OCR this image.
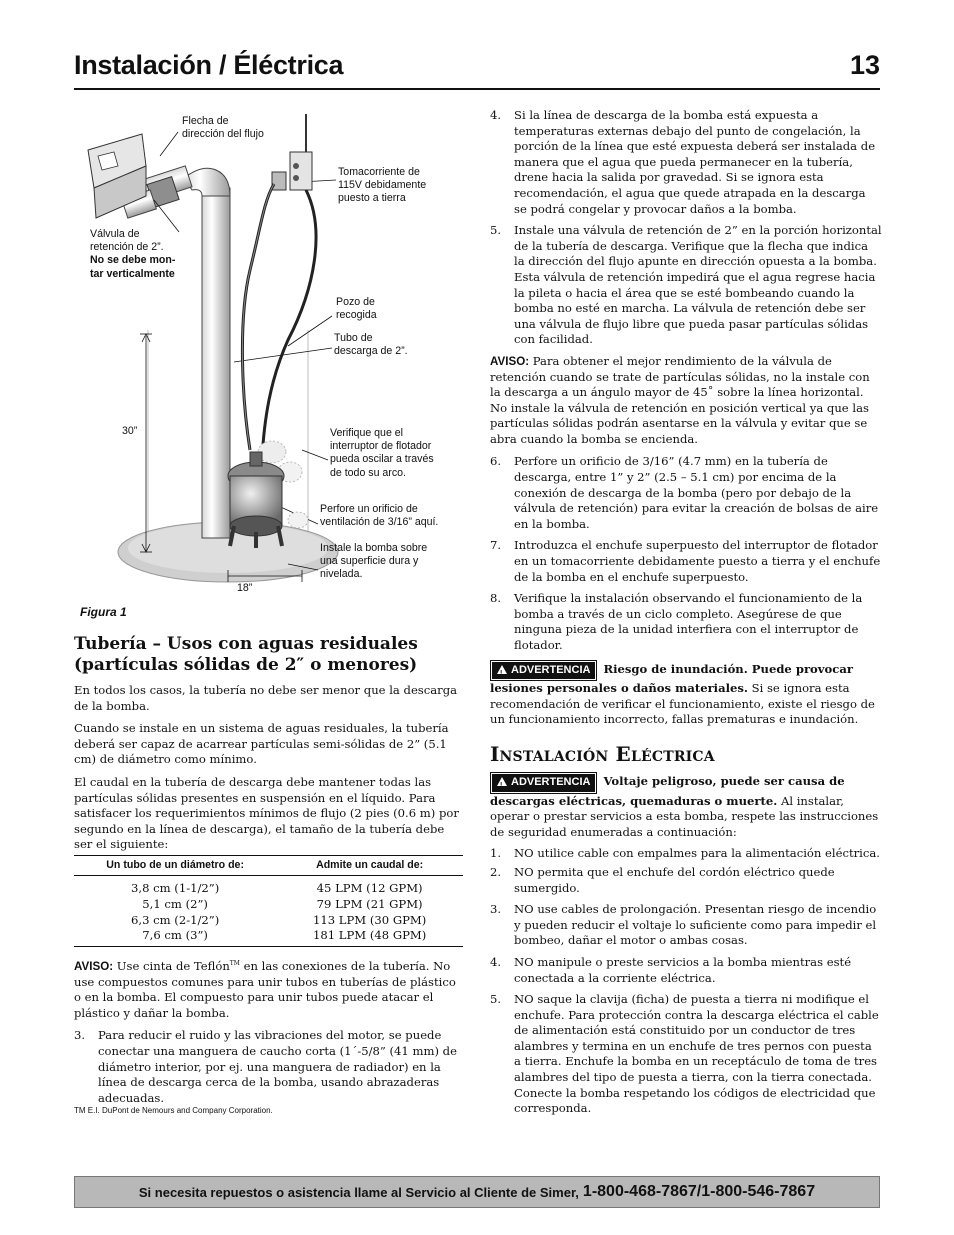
Instalación / Éléctrica	13
Flecha de
dirección del flujo
Tomacorriente de
115V debidamente
puesto a tierra
Válvula de
retención de 2”.
No se debe mon-
tar verticalmente
Pozo de
recogida
Tubo de
descarga de 2”.
30”	Verifique que el
interruptor de flotador
pueda oscilar a través
de todo su arco.
Perfore un orificio de
ventilación de 3/16” aquí.
Instale la bomba sobre
una superficie dura y
nivelada.
18”
Figura 1
Tubería – Usos con aguas residuales (partículas sólidas de 2″ o menores)

En todos los casos, la tubería no debe ser menor que la descarga de la bomba.

Cuando se instale en un sistema de aguas residuales, la tubería deberá ser capaz de acarrear partículas semi-sólidas de 2” (5.1 cm) de diámetro como mínimo.

El caudal en la tubería de descarga debe mantener todas las partículas sólidas presentes en suspensión en el líquido. Para satisfacer los requerimientos mínimos de flujo (2 pies (0.6 m) por segundo en la línea de descarga), el tamaño de la tubería debe ser el siguiente:

Un tubo de un diámetro de:	Admite un caudal de:
3,8 cm (1-1/2”)	45 LPM (12 GPM)
5,1 cm (2”)	79 LPM (21 GPM)
6,3 cm (2-1/2”)	113 LPM (30 GPM)
7,6 cm (3”)	181 LPM (48 GPM)

AVISO: Use cinta de Teflón™ en las conexiones de la tubería. No use compuestos comunes para unir tubos en tuberías de plástico o en la bomba. El compuesto para unir tubos puede atacar el plástico y dañar la bomba.

3. Para reducir el ruido y las vibraciones del motor, se puede conectar una manguera de caucho corta (1´-5/8” (41 mm) de diámetro interior, por ej. una manguera de radiador) en la línea de descarga cerca de la bomba, usando abrazaderas adecuadas.
TM E.I. DuPont de Nemours and Company Corporation.
4. Si la línea de descarga de la bomba está expuesta a temperaturas externas debajo del punto de congelación, la porción de la línea que esté expuesta deberá ser instalada de manera que el agua que pueda permanecer en la tubería, drene hacia la salida por gravedad. Si se ignora esta recomendación, el agua que quede atrapada en la descarga se podrá congelar y provocar daños a la bomba.
5. Instale una válvula de retención de 2” en la porción horizontal de la tubería de descarga. Verifique que la flecha que indica la dirección del flujo apunte en dirección opuesta a la bomba. Esta válvula de retención impedirá que el agua regrese hacia la pileta o hacia el área que se esté bombeando cuando la bomba no esté en marcha. La válvula de retención debe ser una válvula de flujo libre que pueda pasar partículas sólidas con facilidad.

AVISO: Para obtener el mejor rendimiento de la válvula de retención cuando se trate de partículas sólidas, no la instale con la descarga a un ángulo mayor de 45˚ sobre la línea horizontal. No instale la válvula de retención en posición vertical ya que las partículas sólidas podrán asentarse en la válvula y evitar que se abra cuando la bomba se encienda.

6. Perfore un orificio de 3/16” (4.7 mm) en la tubería de descarga, entre 1” y 2” (2.5 – 5.1 cm) por encima de la conexión de descarga de la bomba (pero por debajo de la válvula de retención) para evitar la creación de bolsas de aire en la bomba.
7. Introduzca el enchufe superpuesto del interruptor de flotador en un tomacorriente debidamente puesto a tierra y el enchufe de la bomba en el enchufe superpuesto.
8. Verifique la instalación observando el funcionamiento de la bomba a través de un ciclo completo. Asegúrese de que ninguna pieza de la unidad interfiera con el interruptor de flotador.

! ADVERTENCIA Riesgo de inundación. Puede provocar lesiones personales o daños materiales. Si se ignora esta recomendación de verificar el funcionamiento, existe el riesgo de un funcionamiento incorrecto, fallas prematuras e inundación.

Instalación Eléctrica

! ADVERTENCIA Voltaje peligroso, puede ser causa de descargas eléctricas, quemaduras o muerte. Al instalar, operar o prestar servicios a esta bomba, respete las instrucciones de seguridad enumeradas a continuación:

1. NO utilice cable con empalmes para la alimentación eléctrica.
2. NO permita que el enchufe del cordón eléctrico quede sumergido.
3. NO use cables de prolongación. Presentan riesgo de incendio y pueden reducir el voltaje lo suficiente como para impedir el bombeo, dañar el motor o ambas cosas.
4. NO manipule o preste servicios a la bomba mientras esté conectada a la corriente eléctrica.
5. NO saque la clavija (ficha) de puesta a tierra ni modifique el enchufe. Para protección contra la descarga eléctrica el cable de alimentación está constituido por un conductor de tres alambres y termina en un enchufe de tres pernos con puesta a tierra. Enchufe la bomba en un receptáculo de toma de tres alambres del tipo de puesta a tierra, con la tierra conectada. Conecte la bomba respetando los códigos de electricidad que corresponda.
Si necesita repuestos o asistencia llame al Servicio al Cliente de Simer, 1-800-468-7867/1-800-546-7867
